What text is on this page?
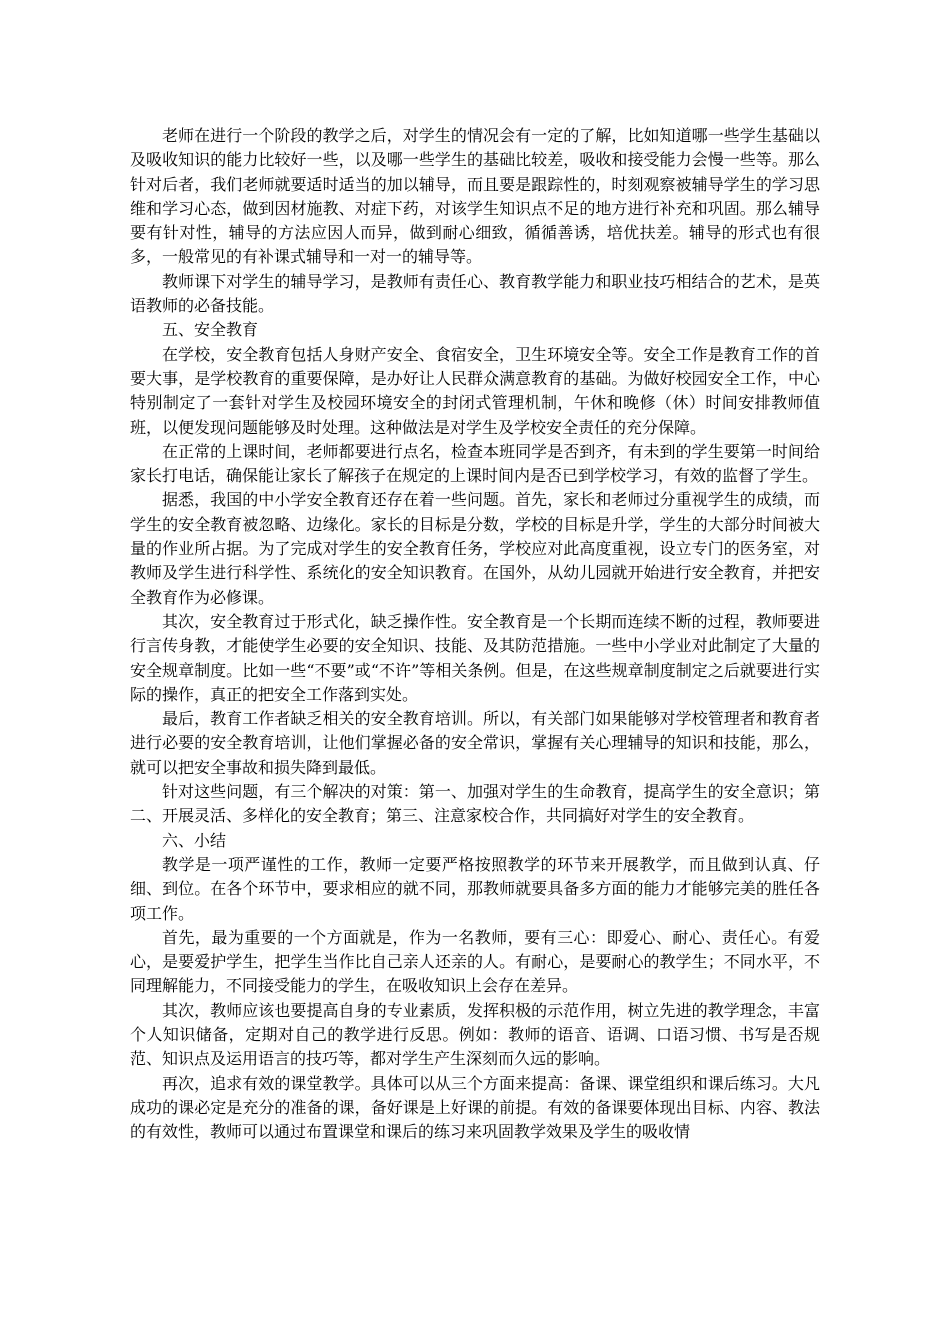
老师在进行一个阶段的教学之后，对学生的情况会有一定的了解，比如知道哪一些学生基础以及吸收知识的能力比较好一些，以及哪一些学生的基础比较差，吸收和接受能力会慢一些等。那么针对后者，我们老师就要适时适当的加以辅导，而且要是跟踪性的，时刻观察被辅导学生的学习思维和学习心态，做到因材施教、对症下药，对该学生知识点不足的地方进行补充和巩固。那么辅导要有针对性，辅导的方法应因人而异，做到耐心细致，循循善诱，培优扶差。辅导的形式也有很多，一般常见的有补课式辅导和一对一的辅导等。

教师课下对学生的辅导学习，是教师有责任心、教育教学能力和职业技巧相结合的艺术，是英语教师的必备技能。

五、安全教育

在学校，安全教育包括人身财产安全、食宿安全，卫生环境安全等。安全工作是教育工作的首要大事，是学校教育的重要保障，是办好让人民群众满意教育的基础。为做好校园安全工作，中心特别制定了一套针对学生及校园环境安全的封闭式管理机制，午休和晚修（休）时间安排教师值班，以便发现问题能够及时处理。这种做法是对学生及学校安全责任的充分保障。

在正常的上课时间，老师都要进行点名，检查本班同学是否到齐，有未到的学生要第一时间给家长打电话，确保能让家长了解孩子在规定的上课时间内是否已到学校学习，有效的监督了学生。

据悉，我国的中小学安全教育还存在着一些问题。首先，家长和老师过分重视学生的成绩，而学生的安全教育被忽略、边缘化。家长的目标是分数，学校的目标是升学，学生的大部分时间被大量的作业所占据。为了完成对学生的安全教育任务，学校应对此高度重视，设立专门的医务室，对教师及学生进行科学性、系统化的安全知识教育。在国外，从幼儿园就开始进行安全教育，并把安全教育作为必修课。

其次，安全教育过于形式化，缺乏操作性。安全教育是一个长期而连续不断的过程，教师要进行言传身教，才能使学生必要的安全知识、技能、及其防范措施。一些中小学业对此制定了大量的安全规章制度。比如一些“不要”或“不许”等相关条例。但是，在这些规章制度制定之后就要进行实际的操作，真正的把安全工作落到实处。

最后，教育工作者缺乏相关的安全教育培训。所以，有关部门如果能够对学校管理者和教育者进行必要的安全教育培训，让他们掌握必备的安全常识，掌握有关心理辅导的知识和技能，那么，就可以把安全事故和损失降到最低。

针对这些问题，有三个解决的对策：第一、加强对学生的生命教育，提高学生的安全意识；第二、开展灵活、多样化的安全教育；第三、注意家校合作，共同搞好对学生的安全教育。

六、小结

教学是一项严谨性的工作，教师一定要严格按照教学的环节来开展教学，而且做到认真、仔细、到位。在各个环节中，要求相应的就不同，那教师就要具备多方面的能力才能够完美的胜任各项工作。

首先，最为重要的一个方面就是，作为一名教师，要有三心：即爱心、耐心、责任心。有爱心，是要爱护学生，把学生当作比自己亲人还亲的人。有耐心，是要耐心的教学生；不同水平，不同理解能力，不同接受能力的学生，在吸收知识上会存在差异。

其次，教师应该也要提高自身的专业素质，发挥积极的示范作用，树立先进的教学理念，丰富个人知识储备，定期对自己的教学进行反思。例如：教师的语音、语调、口语习惯、书写是否规范、知识点及运用语言的技巧等，都对学生产生深刻而久远的影响。

再次，追求有效的课堂教学。具体可以从三个方面来提高：备课、课堂组织和课后练习。大凡成功的课必定是充分的准备的课，备好课是上好课的前提。有效的备课要体现出目标、内容、教法的有效性，教师可以通过布置课堂和课后的练习来巩固教学效果及学生的吸收情
